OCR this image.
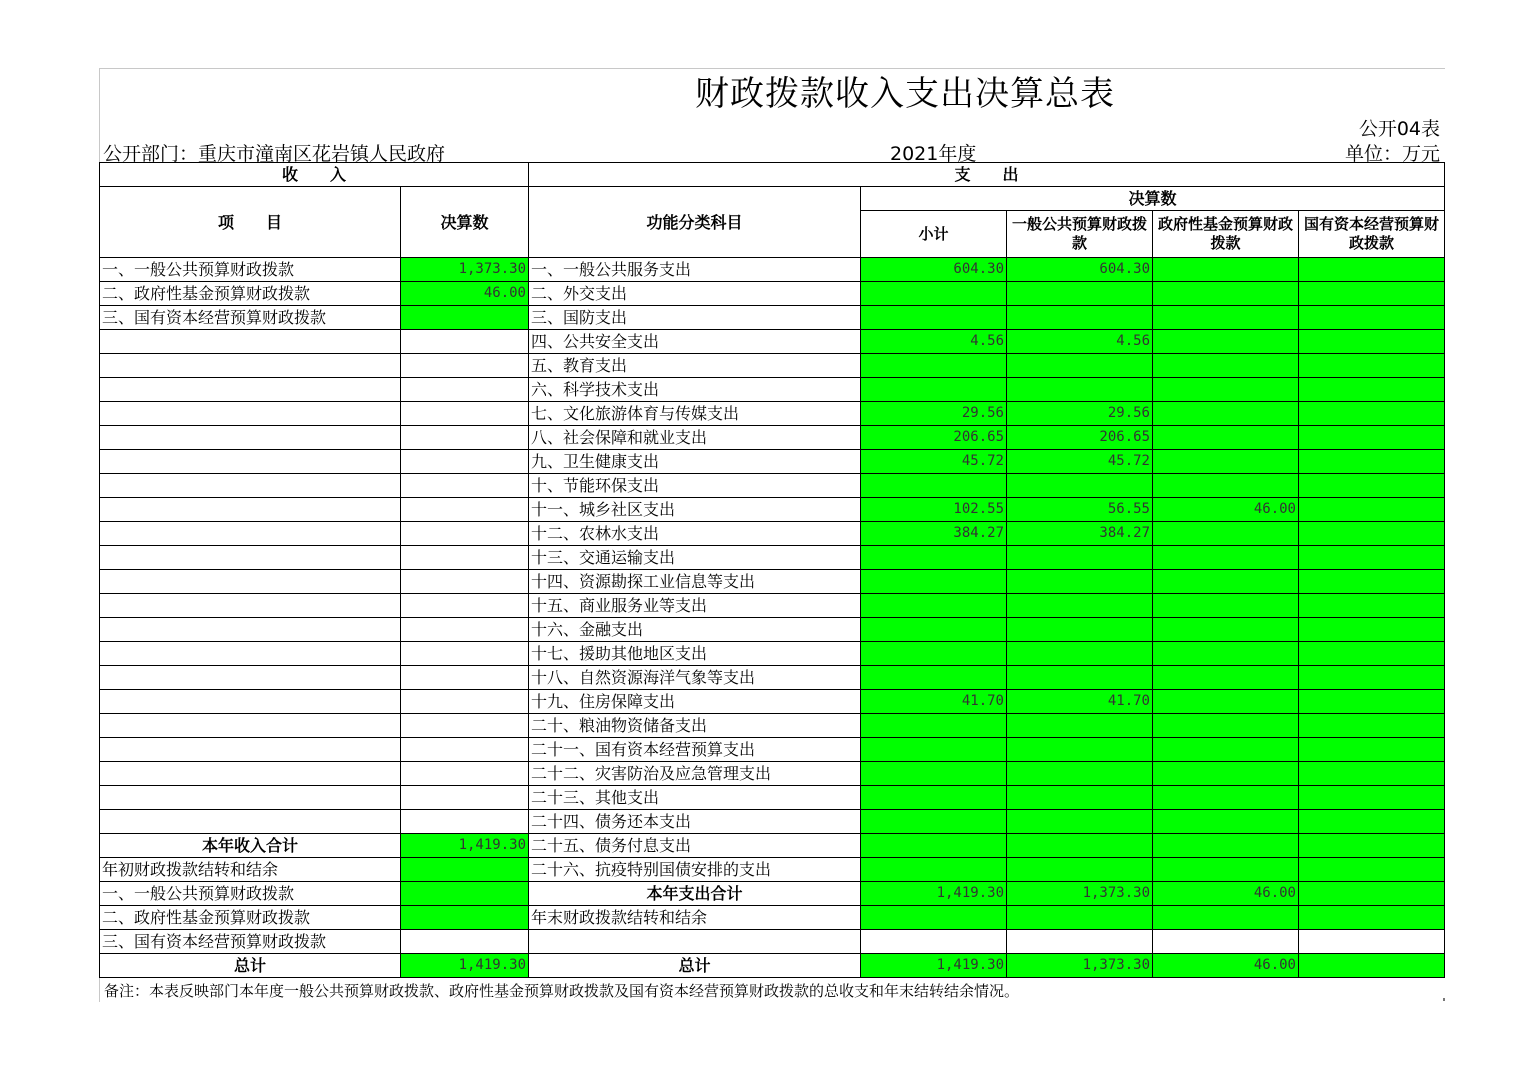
财政拨款收入支出决算总表
公开04表
公开部门：重庆市潼南区花岩镇人民政府	2021年度	单位：万元
收　　入		支　　出				
项　　目	决算数	功能分类科目	决算数			
			小计	一般公共预算财政拨款	政府性基金预算财政拨款	国有资本经营预算财政拨款
一、一般公共预算财政拨款	1,373.30	一、一般公共服务支出	604.30	604.30		
二、政府性基金预算财政拨款	46.00	二、外交支出				
三、国有资本经营预算财政拨款		三、国防支出				
		四、公共安全支出	4.56	4.56		
		五、教育支出				
		六、科学技术支出				
		七、文化旅游体育与传媒支出	29.56	29.56		
		八、社会保障和就业支出	206.65	206.65		
		九、卫生健康支出	45.72	45.72		
		十、节能环保支出				
		十一、城乡社区支出	102.55	56.55	46.00	
		十二、农林水支出	384.27	384.27		
		十三、交通运输支出				
		十四、资源勘探工业信息等支出				
		十五、商业服务业等支出				
		十六、金融支出				
		十七、援助其他地区支出				
		十八、自然资源海洋气象等支出				
		十九、住房保障支出	41.70	41.70		
		二十、粮油物资储备支出				
		二十一、国有资本经营预算支出				
		二十二、灾害防治及应急管理支出				
		二十三、其他支出				
		二十四、债务还本支出				
本年收入合计	1,419.30	二十五、债务付息支出				
年初财政拨款结转和结余		二十六、抗疫特别国债安排的支出				
一、一般公共预算财政拨款		本年支出合计	1,419.30	1,373.30	46.00	
二、政府性基金预算财政拨款		年末财政拨款结转和结余				
三、国有资本经营预算财政拨款						
总计	1,419.30	总计	1,419.30	1,373.30	46.00	
备注：本表反映部门本年度一般公共预算财政拨款、政府性基金预算财政拨款及国有资本经营预算财政拨款的总收支和年末结转结余情况。
